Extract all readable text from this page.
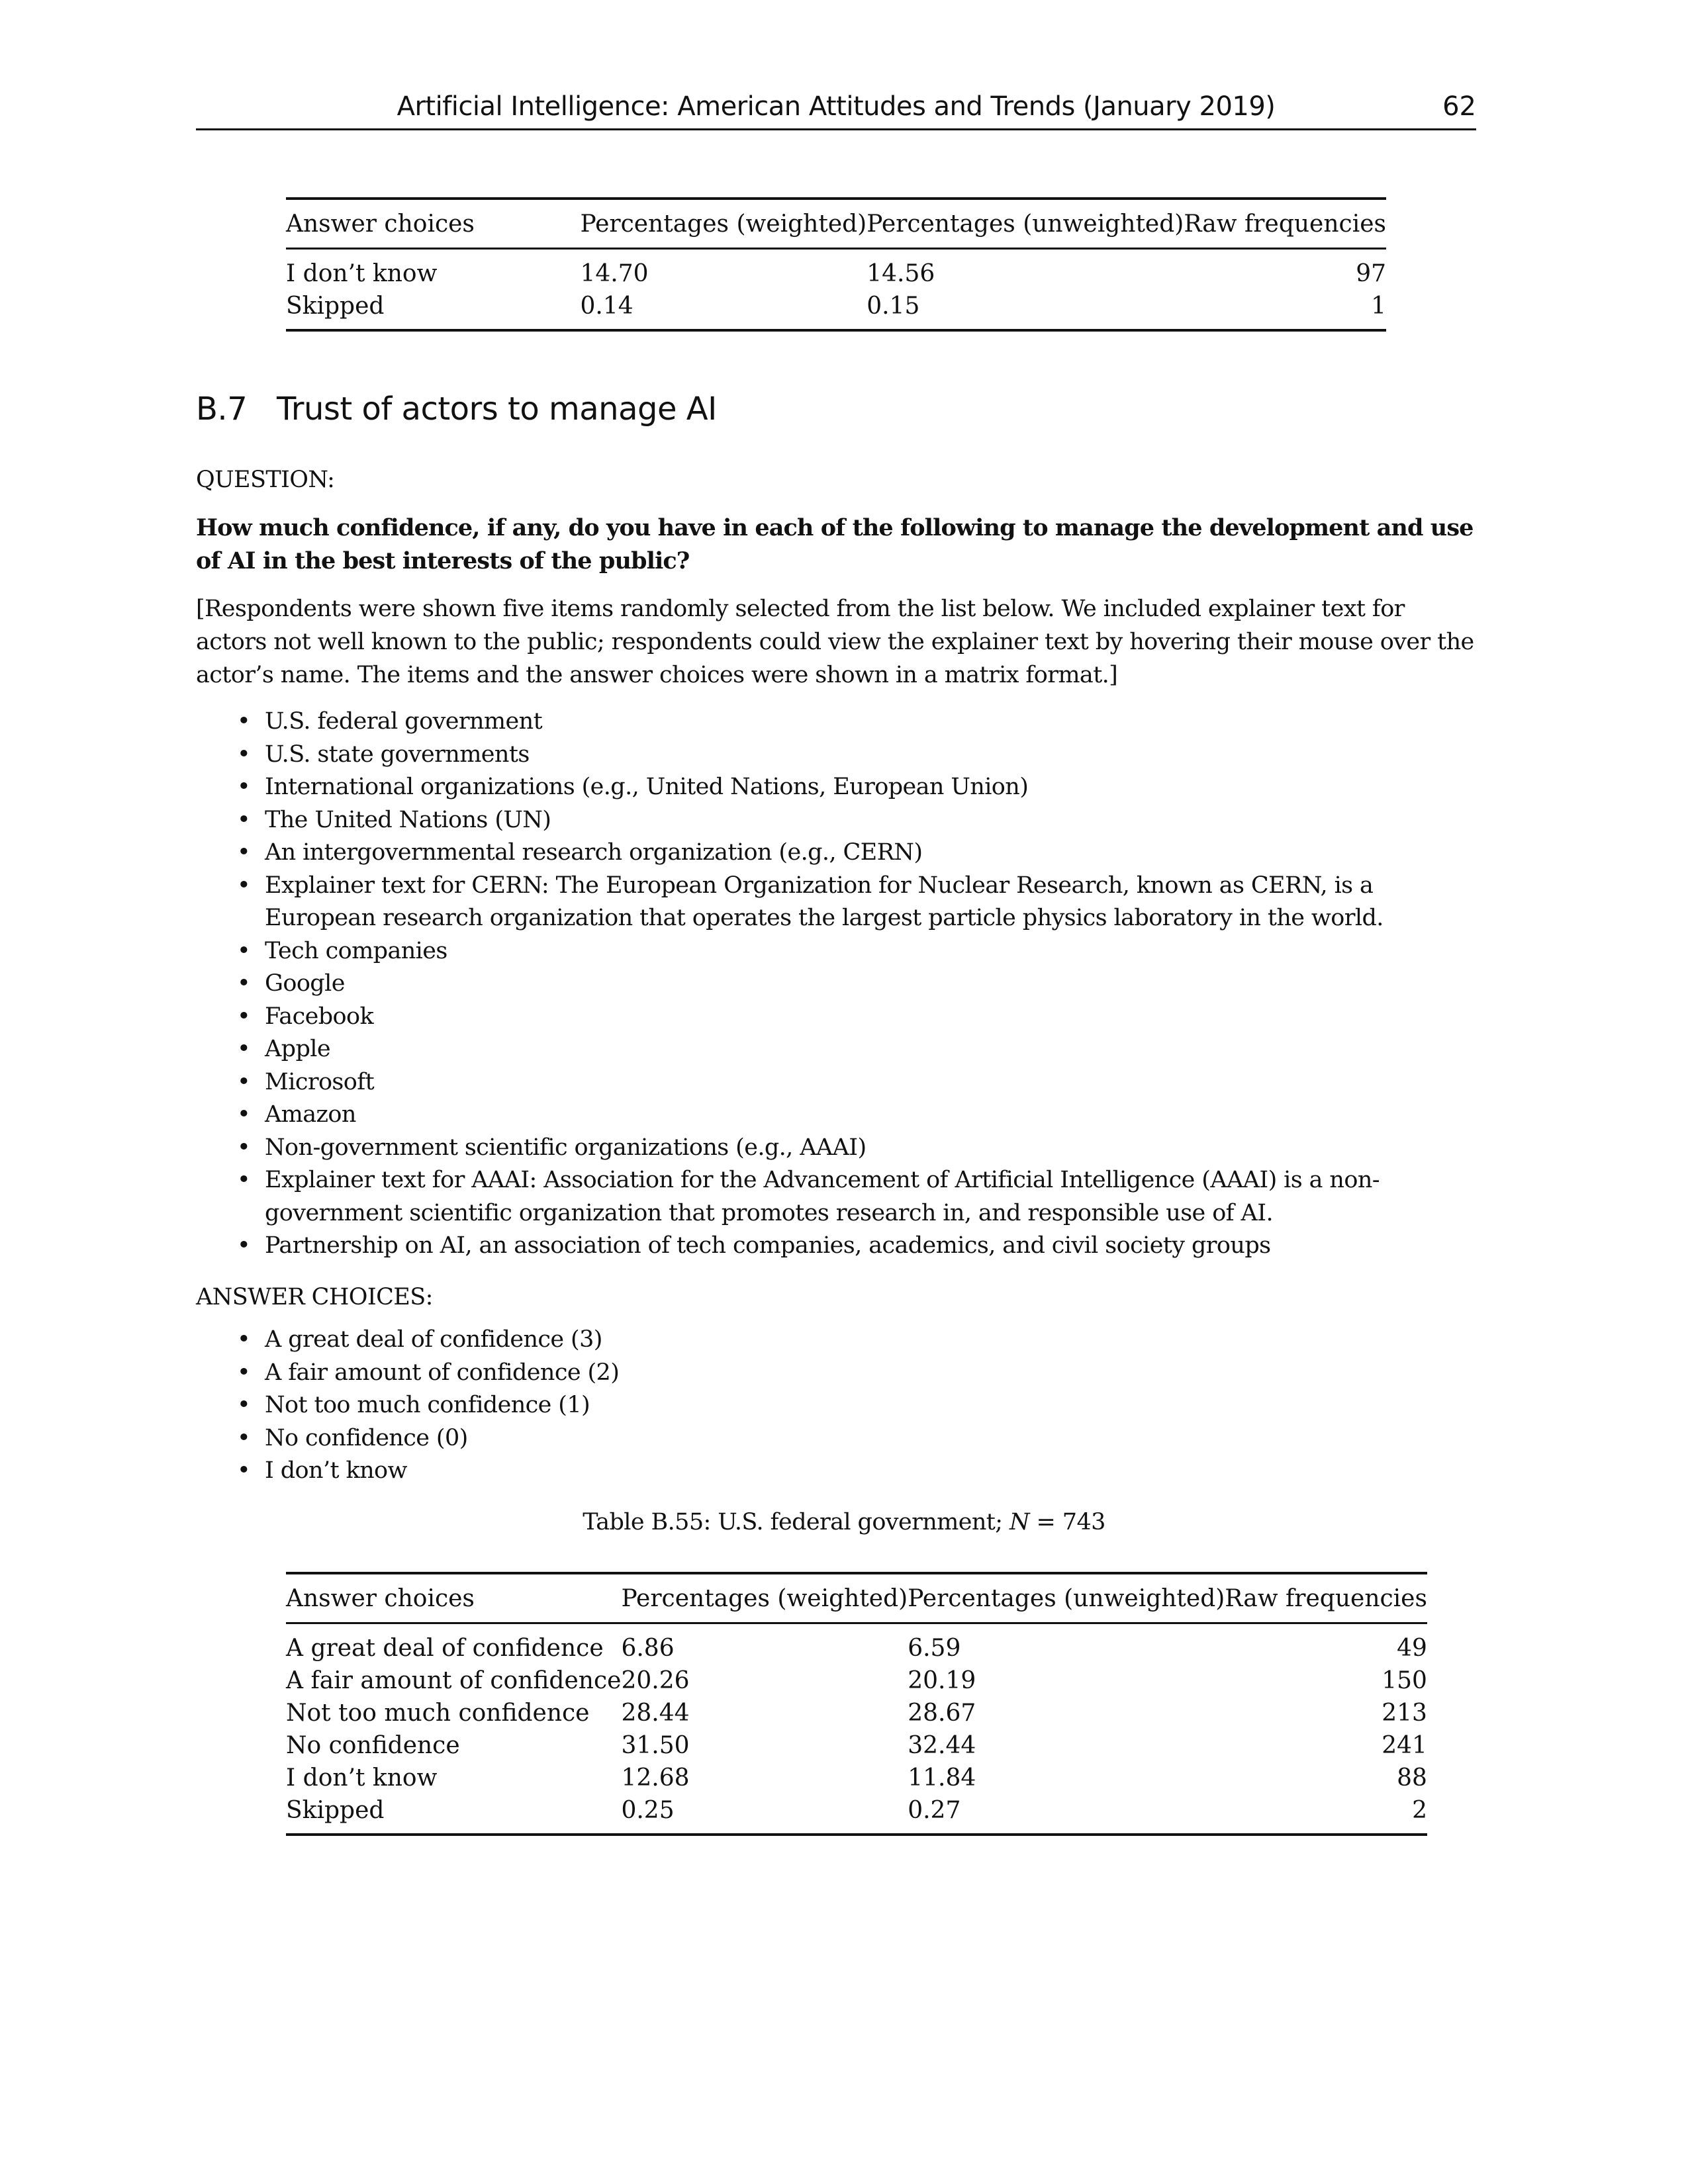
Artificial Intelligence: American Attitudes and Trends (January 2019)	62
Answer choices	Percentages (weighted)	Percentages (unweighted)	Raw frequencies
I don’t know	14.70	14.56	97
Skipped	0.14	0.15	1
B.7 Trust of actors to manage AI
QUESTION:
How much confidence, if any, do you have in each of the following to manage the development and use of AI in the best interests of the public?
[Respondents were shown five items randomly selected from the list below. We included explainer text for actors not well known to the public; respondents could view the explainer text by hovering their mouse over the actor’s name. The items and the answer choices were shown in a matrix format.]
• U.S. federal government
• U.S. state governments
• International organizations (e.g., United Nations, European Union)
• The United Nations (UN)
• An intergovernmental research organization (e.g., CERN)
• Explainer text for CERN: The European Organization for Nuclear Research, known as CERN, is a European research organization that operates the largest particle physics laboratory in the world.
• Tech companies
• Google
• Facebook
• Apple
• Microsoft
• Amazon
• Non-government scientific organizations (e.g., AAAI)
• Explainer text for AAAI: Association for the Advancement of Artificial Intelligence (AAAI) is a non-government scientific organization that promotes research in, and responsible use of AI.
• Partnership on AI, an association of tech companies, academics, and civil society groups
ANSWER CHOICES:
• A great deal of confidence (3)
• A fair amount of confidence (2)
• Not too much confidence (1)
• No confidence (0)
• I don’t know
Table B.55: U.S. federal government; N = 743
Answer choices	Percentages (weighted)	Percentages (unweighted)	Raw frequencies
A great deal of confidence	6.86	6.59	49
A fair amount of confidence	20.26	20.19	150
Not too much confidence	28.44	28.67	213
No confidence	31.50	32.44	241
I don’t know	12.68	11.84	88
Skipped	0.25	0.27	2
